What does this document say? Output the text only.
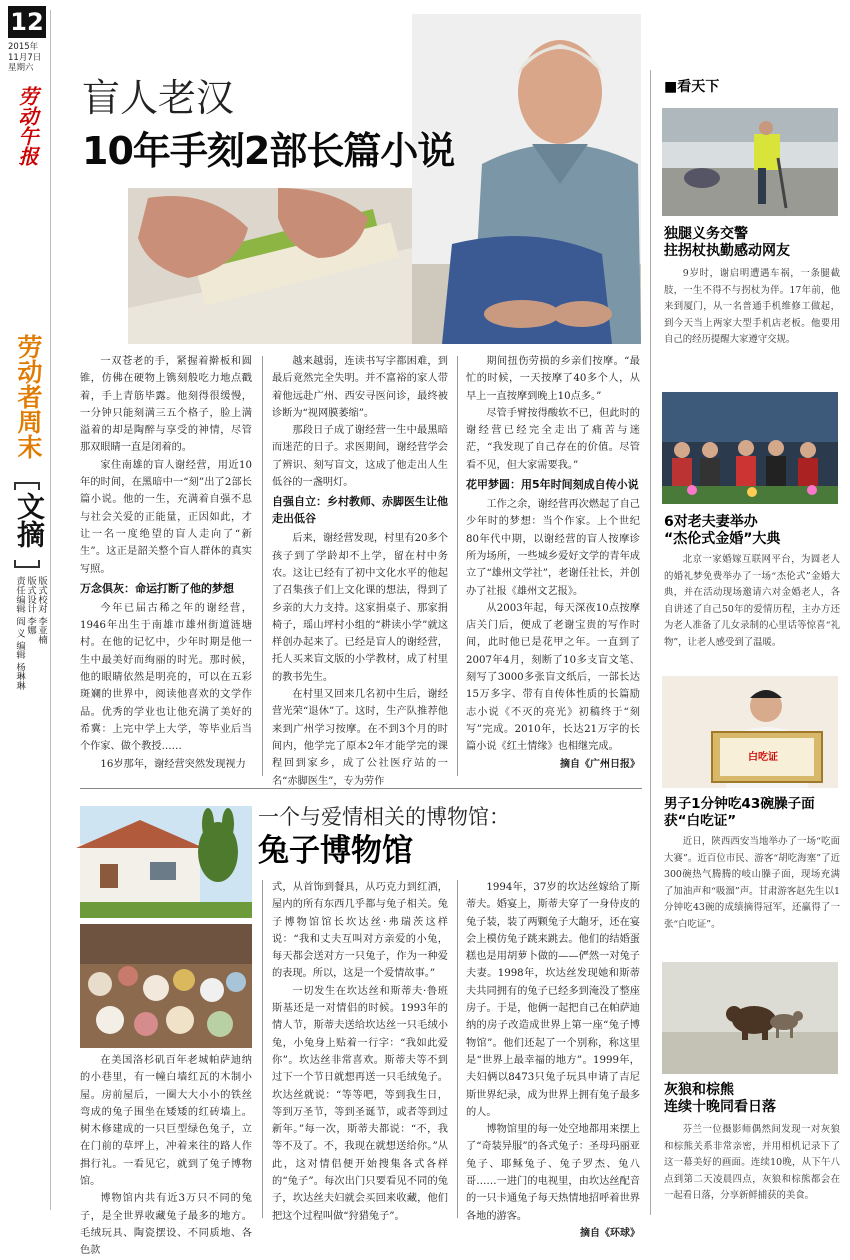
12
2015年
11月7日
星期六
劳动午报
劳动者周末
文摘
版式校对 李亚楠
版式设计 李娜
责任编辑 阎 义 编辑 杨琳琳
盲人老汉
10年手刻2部长篇小说

一双苍老的手，紧握着擀板和圆锥，仿佛在硬物上镌刻般吃力地点戳着，手上青筋毕露。他刻得很缓慢，一分钟只能刻满三五个格子，脸上满溢着的却是陶醉与享受的神情，尽管那双眼睛一直是闭着的。

家住南雄的盲人谢经营，用近10年的时间，在黑暗中一“刻”出了2部长篇小说。他的一生，充满着自强不息与社会关爱的正能量，正因如此，才让一名一度绝望的盲人走向了“新生”。这正是韶关整个盲人群体的真实写照。

万念俱灰：命运打断了他的梦想

今年已届古稀之年的谢经营，1946年出生于南雄市雄州街道涟塘村。在他的记忆中，少年时期是他一生中最美好而绚丽的时光。那时候，他的眼睛依然是明亮的，可以在五彩斑斓的世界中，阅读他喜欢的文学作品。优秀的学业也让他充满了美好的希冀：上完中学上大学，等毕业后当个作家、做个教授……

16岁那年，谢经营突然发现视力

越来越弱，连读书写字都困难，到最后竟然完全失明。并不富裕的家人带着他远赴广州、西安寻医问诊，最终被诊断为“视网膜萎缩”。

那段日子成了谢经营一生中最黑暗而迷茫的日子。求医期间，谢经营学会了辨识、刻写盲文，这成了他走出人生低谷的一盏明灯。

自强自立：乡村教师、赤脚医生让他走出低谷

后来，谢经营发现，村里有20多个孩子到了学龄却不上学，留在村中务农。这让已经有了初中文化水平的他起了召集孩子们上文化课的想法，得到了乡亲的大力支持。这家捐桌子、那家捐椅子，瑶山坪村小组的“耕读小学”就这样创办起来了。已经是盲人的谢经营，托人买来盲文版的小学教材，成了村里的教书先生。

在村里又回来几名初中生后，谢经营光荣“退休”了。这时，生产队推荐他来到广州学习按摩。在不到3个月的时间内，他学完了原本2年才能学完的课程回到家乡，成了公社医疗站的一名“赤脚医生”，专为劳作

期间扭伤劳损的乡亲们按摩。“最忙的时候，一天按摩了40多个人，从早上一直按摩到晚上10点多。”

尽管手臂按得酸软不已，但此时的谢经营已经完全走出了痛苦与迷茫，“我发现了自己存在的价值。尽管看不见，但大家需要我。”

花甲梦圆：用5年时间刻成自传小说

工作之余，谢经营再次燃起了自己少年时的梦想：当个作家。上个世纪80年代中期，以谢经营的盲人按摩诊所为场所，一些城乡爱好文学的青年成立了“雄州文学社”，老谢任社长，并创办了社报《雄州文艺报》。

从2003年起，每天深夜10点按摩店关门后，便成了老谢宝贵的写作时间，此时他已是花甲之年。一直到了2007年4月，刻断了10多支盲文笔、刻写了3000多张盲文纸后，一部长达15万多字、带有自传体性质的长篇励志小说《不灭的亮光》初稿终于“刻写”完成。2010年，长达21万字的长篇小说《红土情缘》也相继完成。

摘自《广州日报》

一个与爱情相关的博物馆：
兔子博物馆

在美国洛杉矶百年老城帕萨迪纳的小巷里，有一幢白墙红瓦的木制小屋。房前屋后，一圈大大小小的铁丝弯成的兔子围坐在矮矮的红砖墙上。树木修建成的一只巨型绿色兔子，立在门前的草坪上，冲着来往的路人作揖行礼。一看见它，就到了兔子博物馆。

博物馆内共有近3万只不同的兔子，是全世界收藏兔子最多的地方。毛绒玩具、陶瓷摆设、不同质地、各色款

式，从首饰到餐具，从巧克力到红酒，屋内的所有东西几乎都与兔子相关。兔子博物馆馆长坎达丝·弗瑞茨这样说：“我和丈夫互叫对方亲爱的小兔，每天都会送对方一只兔子，作为一种爱的表现。所以，这是一个爱情故事。”

一切发生在坎达丝和斯蒂夫·鲁班斯基还是一对情侣的时候。1993年的情人节，斯蒂夫送给坎达丝一只毛绒小兔，小兔身上贴着一行字：“我如此爱你”。坎达丝非常喜欢。斯蒂夫等不到过下一个节日就想再送一只毛绒兔子。坎达丝就说：“等等吧，等到我生日，等到万圣节，等到圣诞节，或者等到过新年。”每一次，斯蒂夫都说：“不，我等不及了。不，我现在就想送给你。”从此，这对情侣便开始搜集各式各样的“兔子”。每次出门只要看见不同的兔子，坎达丝夫妇就会买回来收藏，他们把这个过程叫做“狩猎兔子”。

1994年，37岁的坎达丝嫁给了斯蒂夫。婚宴上，斯蒂夫穿了一身侍皮的兔子装，装了两颗兔子大龅牙，还在宴会上模仿兔子跳来跳去。他们的结婚蛋糕也是用胡萝卜做的——俨然一对兔子夫妻。1998年，坎达丝发现她和斯蒂夫共同拥有的兔子已经多到淹没了整座房子。于是，他俩一起把自己在帕萨迪纳的房子改造成世界上第一座“兔子博物馆”。他们还起了一个别称，称这里是“世界上最幸福的地方”。1999年，夫妇俩以8473只兔子玩具申请了吉尼斯世界纪录，成为世界上拥有兔子最多的人。

博物馆里的每一处空地都用来摆上了“奇装异服”的各式兔子：圣母玛丽亚兔子、耶稣兔子、兔子罗杰、兔八哥……一进门的电视里，由坎达丝配音的一只卡通兔子每天热情地招呼着世界各地的游客。

摘自《环球》

■看天下
独腿义务交警
拄拐杖执勤感动网友
9岁时，谢启明遭遇车祸，一条腿截肢，一生不得不与拐杖为伴。17年前，他来到厦门，从一名普通手机维修工做起，到今天当上两家大型手机店老板。他要用自己的经历提醒大家遵守交规。
6对老夫妻举办
“杰伦式金婚”大典
北京一家婚嫁互联网平台，为圆老人的婚礼梦免费举办了一场“杰伦式”金婚大典，并在活动现场邀请六对金婚老人，各自讲述了自己50年的爱情历程，主办方还为老人准备了儿女录制的心里话等惊喜“礼物”，让老人感受到了温暖。
白吃证
男子1分钟吃43碗臊子面
获“白吃证”
近日，陕西西安当地举办了一场“吃面大赛”。近百位市民、游客“胡吃海塞”了近300碗热气腾腾的岐山臊子面，现场充满了加油声和“吸溜”声。甘肃游客赵先生以1分钟吃43碗的成绩摘得冠军，还赢得了一张“白吃证”。
灰狼和棕熊
连续十晚同看日落
芬兰一位摄影师偶然间发现一对灰狼和棕熊关系非常亲密，并用相机记录下了这一幕美好的画面。连续10晚，从下午八点到第二天凌晨四点，灰狼和棕熊都会在一起看日落，分享新鲜捕获的美食。
